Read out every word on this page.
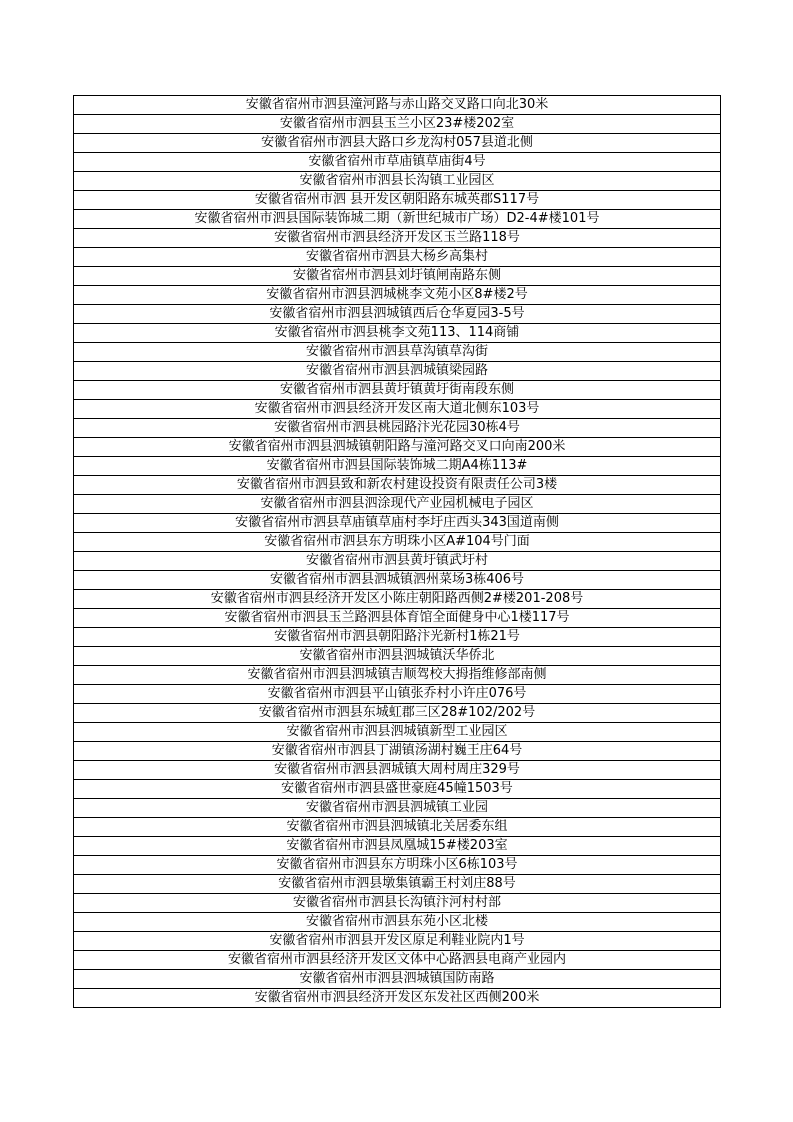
安徽省宿州市泗县潼河路与赤山路交叉路口向北30米
安徽省宿州市泗县玉兰小区23#楼202室
安徽省宿州市泗县大路口乡龙沟村057县道北侧
安徽省宿州市草庙镇草庙街4号
安徽省宿州市泗县长沟镇工业园区
安徽省宿州市泗 县开发区朝阳路东城英郡S117号
安徽省宿州市泗县国际装饰城二期（新世纪城市广场）D2-4#楼101号
安徽省宿州市泗县经济开发区玉兰路118号
安徽省宿州市泗县大杨乡高集村
安徽省宿州市泗县刘圩镇闸南路东侧
安徽省宿州市泗县泗城桃李文苑小区8#楼2号
安徽省宿州市泗县泗城镇西后仓华夏园3-5号
安徽省宿州市泗县桃李文苑113、114商铺
安徽省宿州市泗县草沟镇草沟街
安徽省宿州市泗县泗城镇梁园路
安徽省宿州市泗县黄圩镇黄圩街南段东侧
安徽省宿州市泗县经济开发区南大道北侧东103号
安徽省宿州市泗县桃园路汴光花园30栋4号
安徽省宿州市泗县泗城镇朝阳路与潼河路交叉口向南200米
安徽省宿州市泗县国际装饰城二期A4栋113#
安徽省宿州市泗县致和新农村建设投资有限责任公司3楼
安徽省宿州市泗县泗涂现代产业园机械电子园区
安徽省宿州市泗县草庙镇草庙村李圩庄西头343国道南侧
安徽省宿州市泗县东方明珠小区A#104号门面
安徽省宿州市泗县黄圩镇武圩村
安徽省宿州市泗县泗城镇泗州菜场3栋406号
安徽省宿州市泗县经济开发区小陈庄朝阳路西侧2#楼201-208号
安徽省宿州市泗县玉兰路泗县体育馆全面健身中心1楼117号
安徽省宿州市泗县朝阳路汴光新村1栋21号
安徽省宿州市泗县泗城镇沃华侨北
安徽省宿州市泗县泗城镇吉顺驾校大拇指维修部南侧
安徽省宿州市泗县平山镇张乔村小许庄076号
安徽省宿州市泗县东城虹郡三区28#102/202号
安徽省宿州市泗县泗城镇新型工业园区
安徽省宿州市泗县丁湖镇汤湖村巍王庄64号
安徽省宿州市泗县泗城镇大周村周庄329号
安徽省宿州市泗县盛世豪庭45幢1503号
安徽省宿州市泗县泗城镇工业园
安徽省宿州市泗县泗城镇北关居委东组
安徽省宿州市泗县凤凰城15#楼203室
安徽省宿州市泗县东方明珠小区6栋103号
安徽省宿州市泗县墩集镇霸王村刘庄88号
安徽省宿州市泗县长沟镇汴河村村部
安徽省宿州市泗县东苑小区北楼
安徽省宿州市泗县开发区原足利鞋业院内1号
安徽省宿州市泗县经济开发区文体中心路泗县电商产业园内
安徽省宿州市泗县泗城镇国防南路
安徽省宿州市泗县经济开发区东发社区西侧200米
